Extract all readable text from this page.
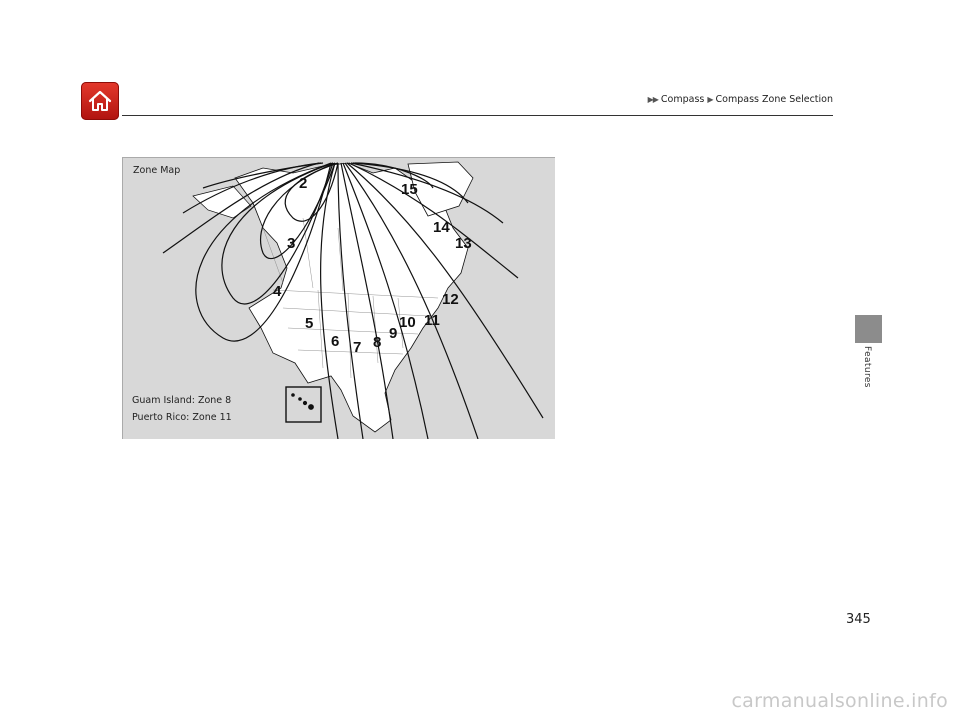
▶▶ Compass ▶ Compass Zone Selection
Features
2
3
4
5
6 7 8
9
10 11
12
13
14
15
Zone Map
Guam Island: Zone 8
Puerto Rico: Zone 11
345
carmanualsonline.info
